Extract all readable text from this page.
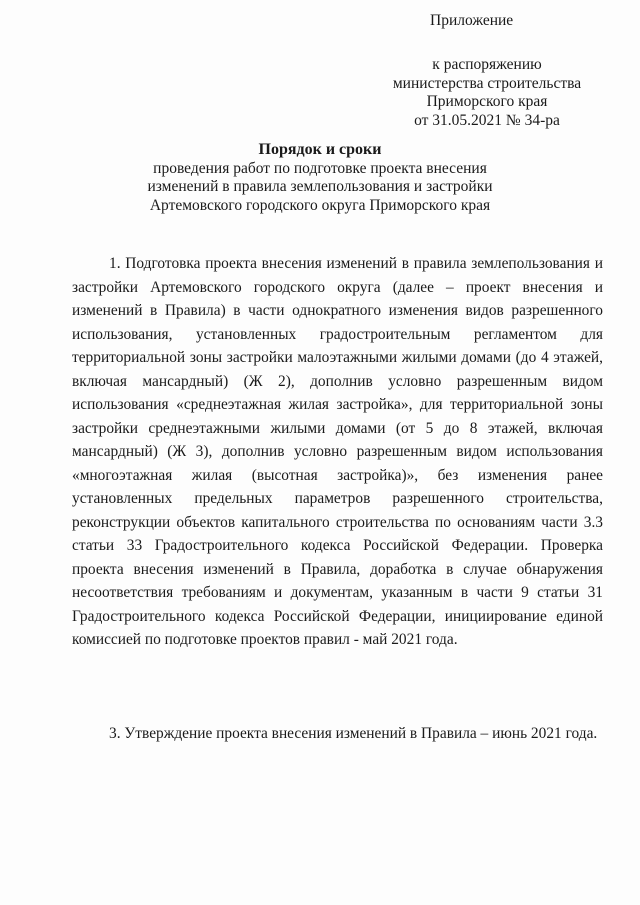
Приложение
к распоряжению
министерства строительства
Приморского края
от 31.05.2021 № 34-ра
Порядок и сроки
проведения работ по подготовке проекта внесения
изменений в правила землепользования и застройки
Артемовского городского округа Приморского края

1. Подготовка проекта внесения изменений в правила землепользования и застройки Артемовского городского округа (далее – проект внесения и изменений в Правила) в части однократного изменения видов разрешенного использования, установленных градостроительным регламентом для территориальной зоны застройки малоэтажными жилыми домами (до 4 этажей, включая мансардный) (Ж 2), дополнив условно разрешенным видом использования «среднеэтажная жилая застройка», для территориальной зоны застройки среднеэтажными жилыми домами (от 5 до 8 этажей, включая мансардный) (Ж 3), дополнив условно разрешенным видом использования «многоэтажная жилая (высотная застройка)», без изменения ранее установленных предельных параметров разрешенного строительства, реконструкции объектов капитального строительства по основаниям части 3.3 статьи 33 Градостроительного кодекса Российской Федерации. Проверка проекта внесения изменений в Правила, доработка в случае обнаружения несоответствия требованиям и документам, указанным в части 9 статьи 31 Градостроительного кодекса Российской Федерации, инициирование единой комиссией по подготовке проектов правил - май 2021 года.

3. Утверждение проекта внесения изменений в Правила – июнь 2021 года.
